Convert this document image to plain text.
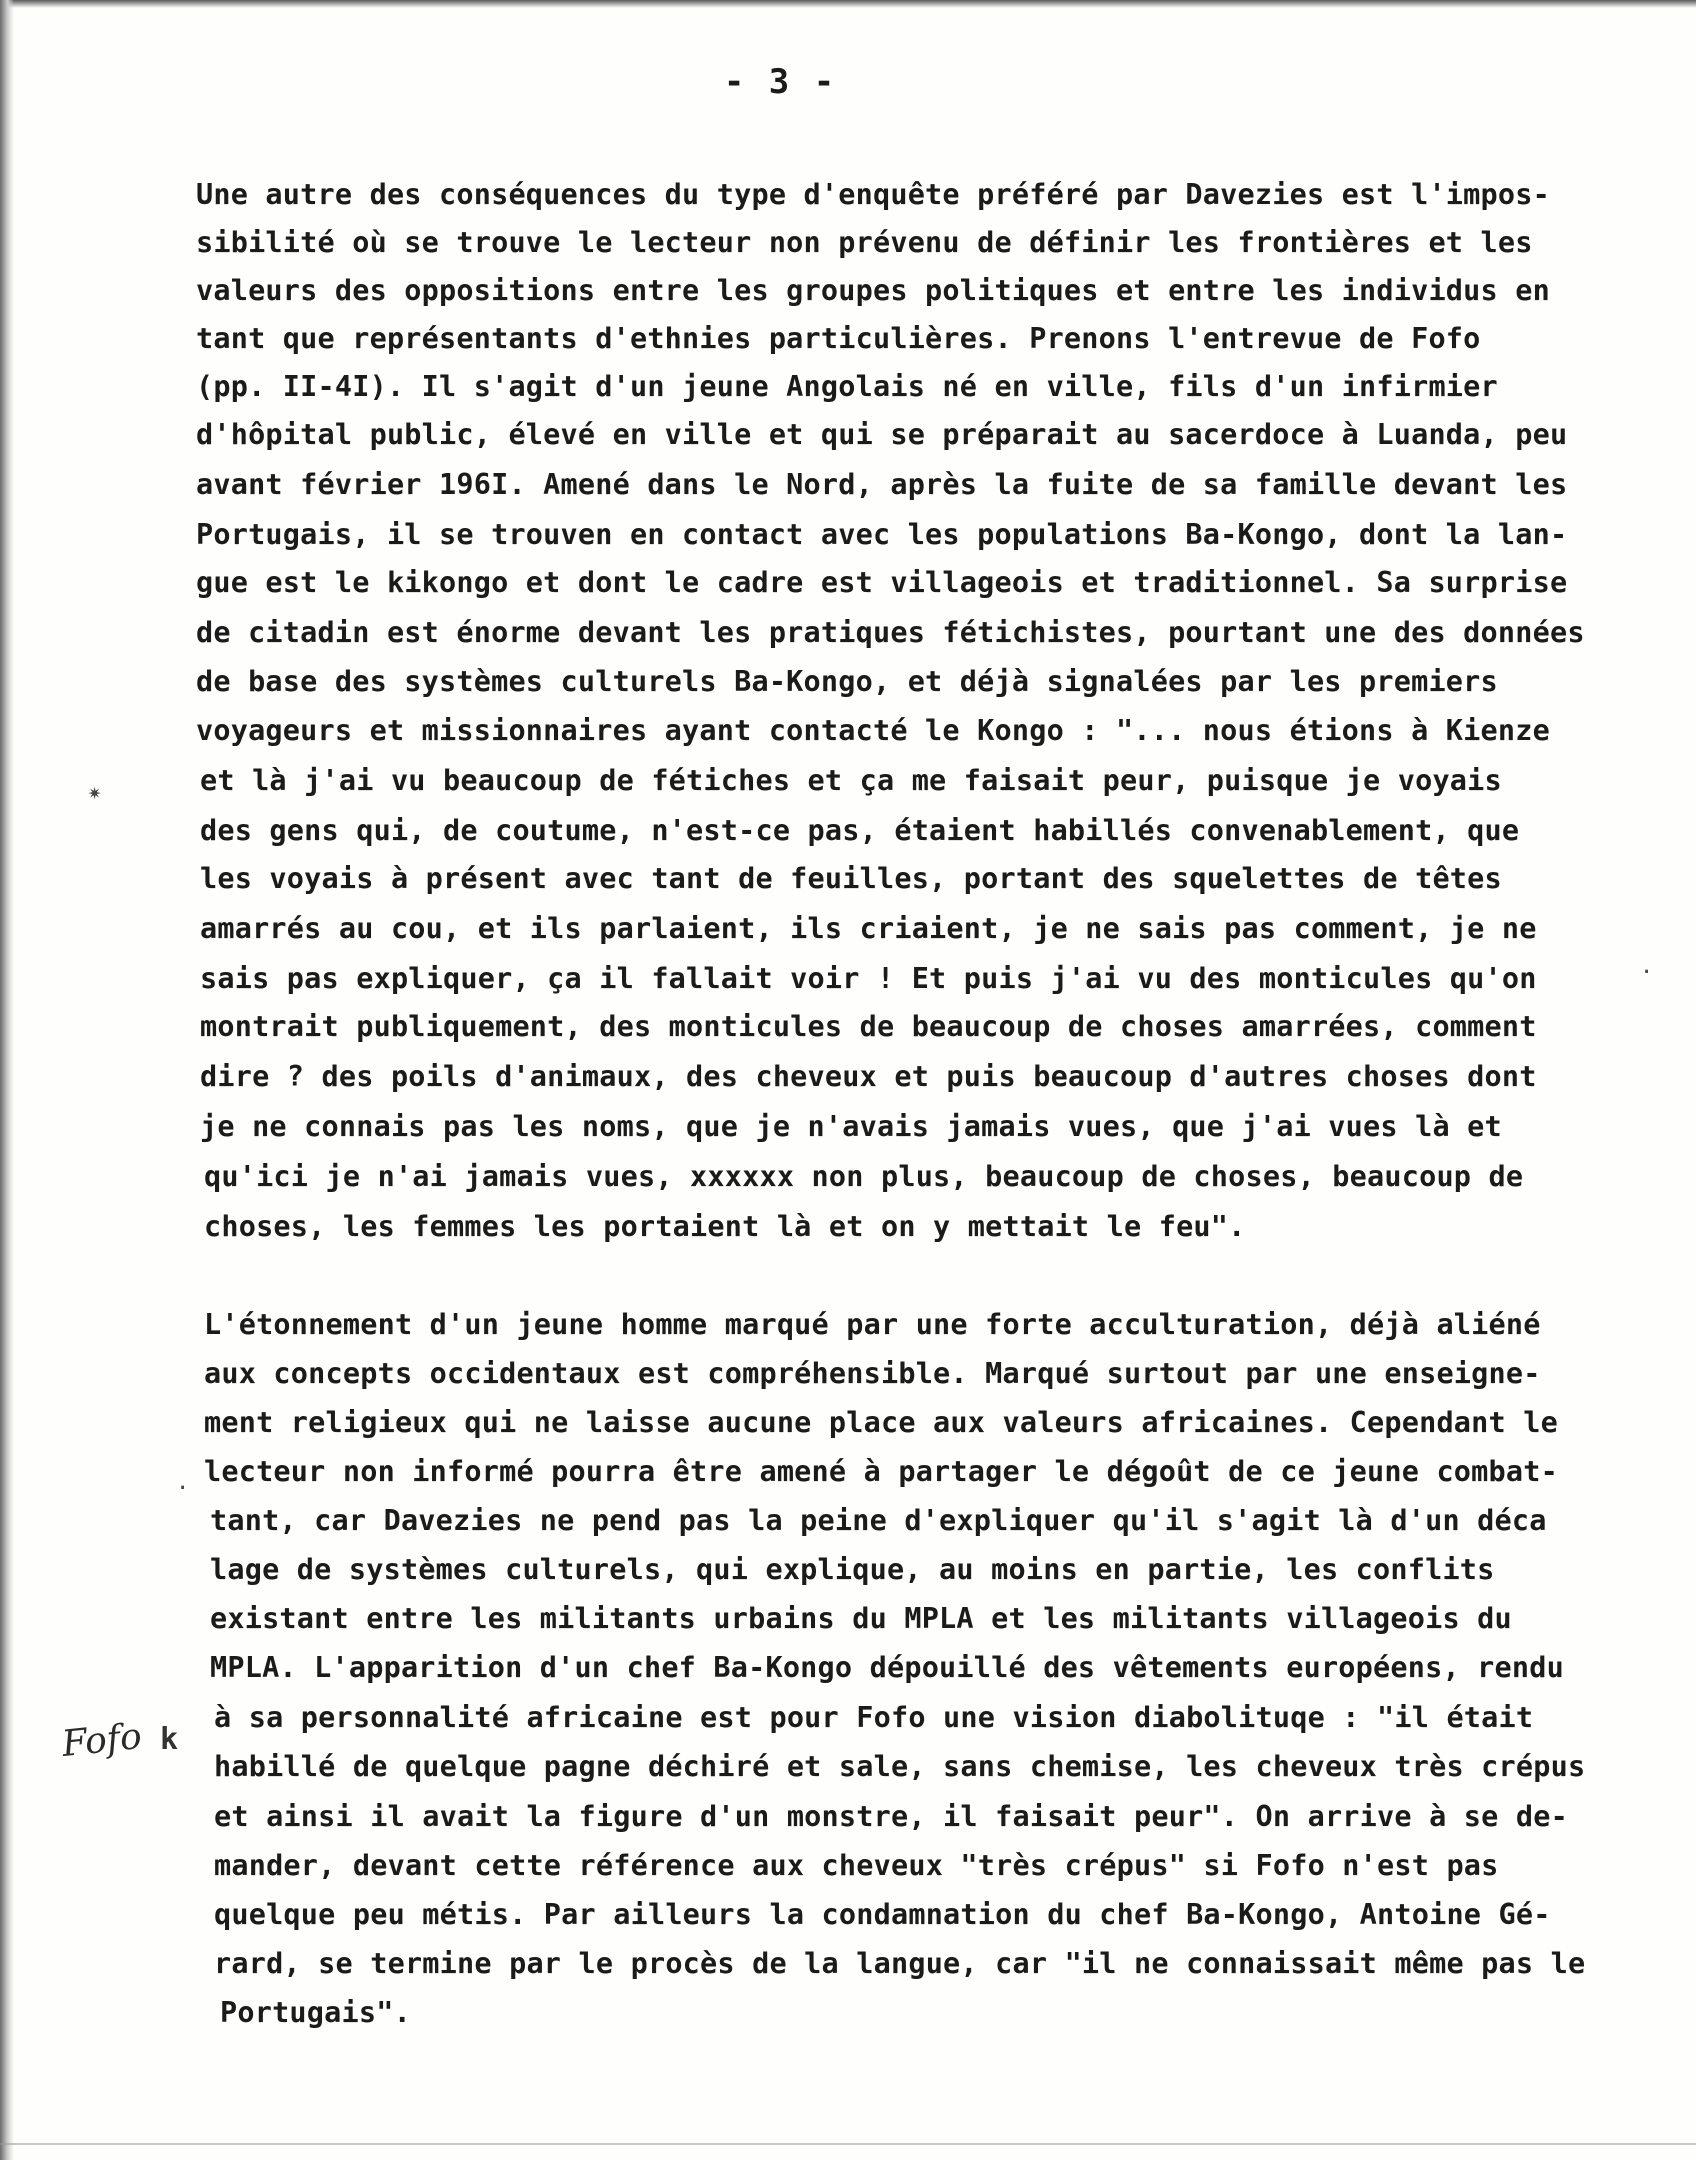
- 3 -
Une autre des conséquences du type d'enquête préféré par Davezies est l'impos-
sibilité où se trouve le lecteur non prévenu de définir les frontières et les
valeurs des oppositions entre les groupes politiques et entre les individus en
tant que représentants d'ethnies particulières. Prenons l'entrevue de Fofo
(pp. II-4I). Il s'agit d'un jeune Angolais né en ville, fils d'un infirmier
d'hôpital public, élevé en ville et qui se préparait au sacerdoce à Luanda, peu
avant février 196I. Amené dans le Nord, après la fuite de sa famille devant les
Portugais, il se trouven en contact avec les populations Ba-Kongo, dont la lan-
gue est le kikongo et dont le cadre est villageois et traditionnel. Sa surprise
de citadin est énorme devant les pratiques fétichistes, pourtant une des données
de base des systèmes culturels Ba-Kongo, et déjà signalées par les premiers
voyageurs et missionnaires ayant contacté le Kongo : "... nous étions à Kienze
et là j'ai vu beaucoup de fétiches et ça me faisait peur, puisque je voyais
des gens qui, de coutume, n'est-ce pas, étaient habillés convenablement, que
les voyais à présent avec tant de feuilles, portant des squelettes de têtes
amarrés au cou, et ils parlaient, ils criaient, je ne sais pas comment, je ne
sais pas expliquer, ça il fallait voir ! Et puis j'ai vu des monticules qu'on
montrait publiquement, des monticules de beaucoup de choses amarrées, comment
dire ? des poils d'animaux, des cheveux et puis beaucoup d'autres choses dont
je ne connais pas les noms, que je n'avais jamais vues, que j'ai vues là et
qu'ici je n'ai jamais vues, xxxxxx non plus, beaucoup de choses, beaucoup de
choses, les femmes les portaient là et on y mettait le feu".
L'étonnement d'un jeune homme marqué par une forte acculturation, déjà aliéné
aux concepts occidentaux est compréhensible. Marqué surtout par une enseigne-
ment religieux qui ne laisse aucune place aux valeurs africaines. Cependant le
lecteur non informé pourra être amené à partager le dégoût de ce jeune combat-
tant, car Davezies ne pend pas la peine d'expliquer qu'il s'agit là d'un déca
lage de systèmes culturels, qui explique, au moins en partie, les conflits
existant entre les militants urbains du MPLA et les militants villageois du
MPLA. L'apparition d'un chef Ba-Kongo dépouillé des vêtements européens, rendu
à sa personnalité africaine est pour Fofo une vision diabolituqe : "il était
habillé de quelque pagne déchiré et sale, sans chemise, les cheveux très crépus
et ainsi il avait la figure d'un monstre, il faisait peur". On arrive à se de-
mander, devant cette référence aux cheveux "très crépus" si Fofo n'est pas
quelque peu métis. Par ailleurs la condamnation du chef Ba-Kongo, Antoine Gé-
rard, se termine par le procès de la langue, car "il ne connaissait même pas le
Portugais".
Fofo k
✷
·
·
